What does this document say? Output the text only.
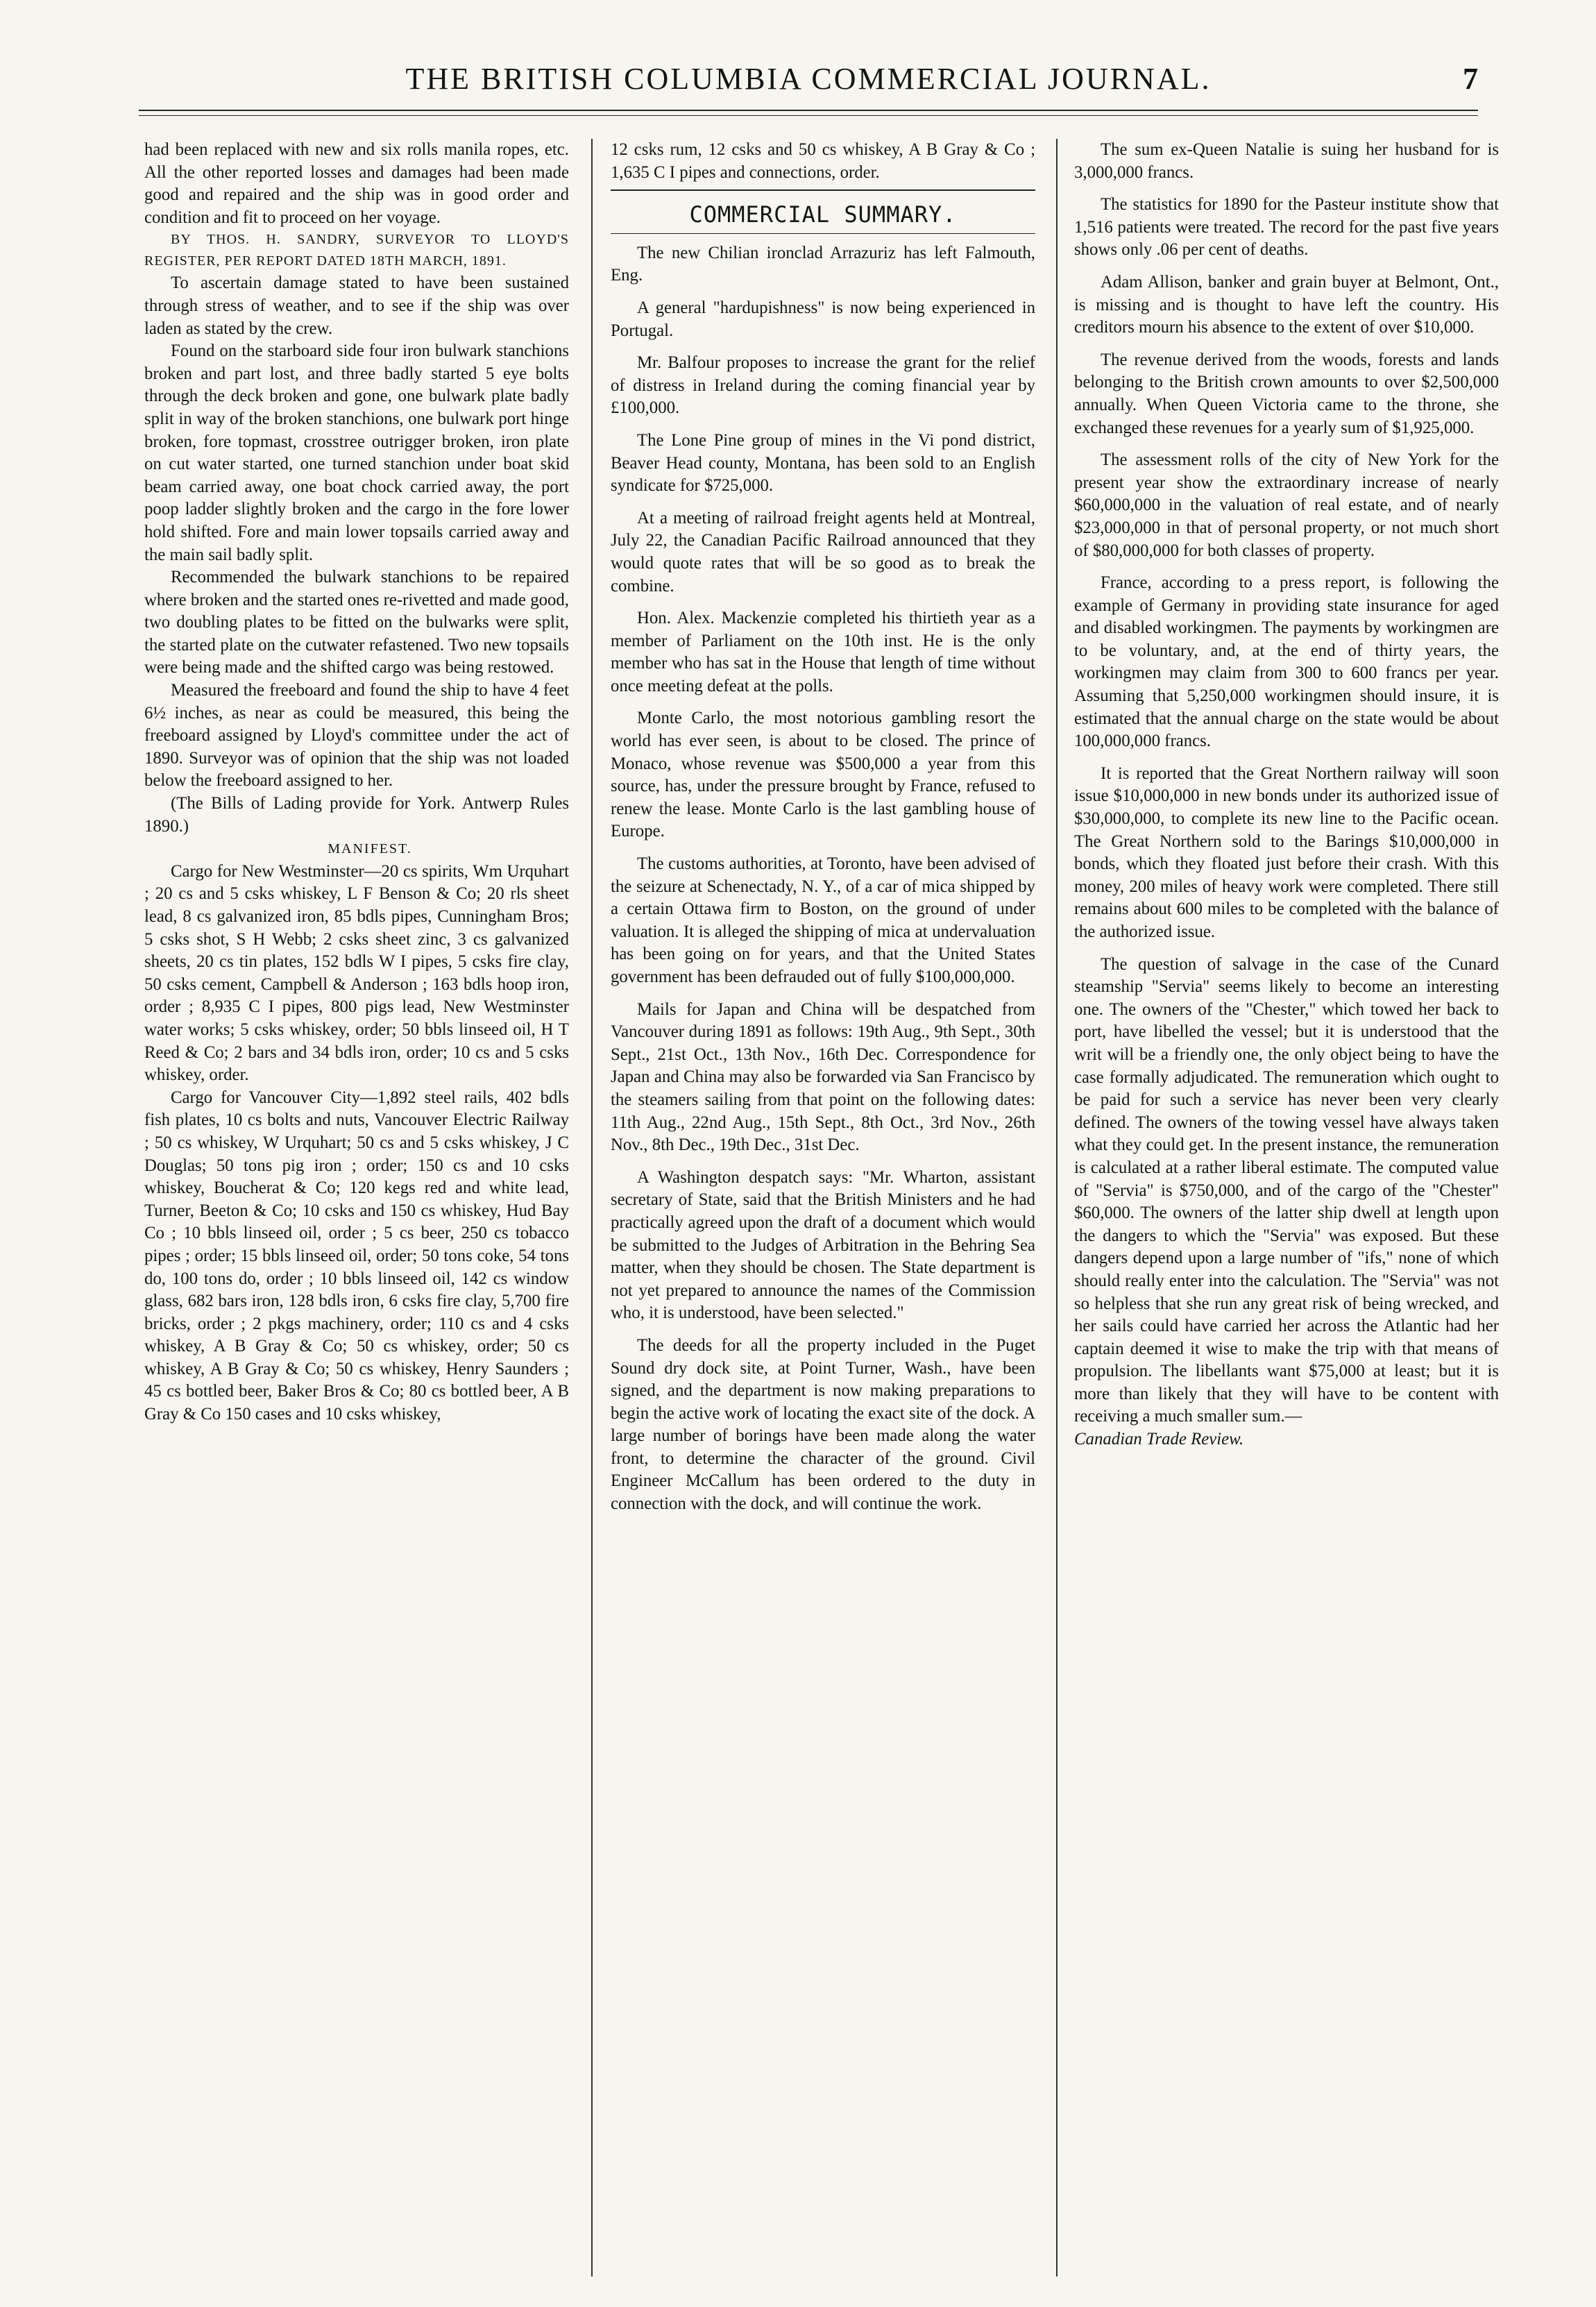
THE BRITISH COLUMBIA COMMERCIAL JOURNAL.	7

had been replaced with new and six rolls manila ropes, etc. All the other reported losses and damages had been made good and repaired and the ship was in good order and condition and fit to proceed on her voyage.

BY THOS. H. SANDRY, SURVEYOR TO LLOYD'S REGISTER, PER REPORT DATED 18TH MARCH, 1891.

To ascertain damage stated to have been sustained through stress of weather, and to see if the ship was over laden as stated by the crew.

Found on the starboard side four iron bulwark stanchions broken and part lost, and three badly started 5 eye bolts through the deck broken and gone, one bulwark plate badly split in way of the broken stanchions, one bulwark port hinge broken, fore topmast, crosstree outrigger broken, iron plate on cut water started, one turned stanchion under boat skid beam carried away, one boat chock carried away, the port poop ladder slightly broken and the cargo in the fore lower hold shifted. Fore and main lower topsails carried away and the main sail badly split.

Recommended the bulwark stanchions to be repaired where broken and the started ones re-rivetted and made good, two doubling plates to be fitted on the bulwarks were split, the started plate on the cutwater refastened. Two new topsails were being made and the shifted cargo was being restowed.

Measured the freeboard and found the ship to have 4 feet 6½ inches, as near as could be measured, this being the freeboard assigned by Lloyd's committee under the act of 1890. Surveyor was of opinion that the ship was not loaded below the freeboard assigned to her.

(The Bills of Lading provide for York. Antwerp Rules 1890.)

MANIFEST.

Cargo for New Westminster—20 cs spirits, Wm Urquhart ; 20 cs and 5 csks whiskey, L F Benson & Co; 20 rls sheet lead, 8 cs galvanized iron, 85 bdls pipes, Cunningham Bros; 5 csks shot, S H Webb; 2 csks sheet zinc, 3 cs galvanized sheets, 20 cs tin plates, 152 bdls W I pipes, 5 csks fire clay, 50 csks cement, Campbell & Anderson ; 163 bdls hoop iron, order ; 8,935 C I pipes, 800 pigs lead, New Westminster water works; 5 csks whiskey, order; 50 bbls linseed oil, H T Reed & Co; 2 bars and 34 bdls iron, order; 10 cs and 5 csks whiskey, order.

Cargo for Vancouver City—1,892 steel rails, 402 bdls fish plates, 10 cs bolts and nuts, Vancouver Electric Railway ; 50 cs whiskey, W Urquhart; 50 cs and 5 csks whiskey, J C Douglas; 50 tons pig iron ; order; 150 cs and 10 csks whiskey, Boucherat & Co; 120 kegs red and white lead, Turner, Beeton & Co; 10 csks and 150 cs whiskey, Hud Bay Co ; 10 bbls linseed oil, order ; 5 cs beer, 250 cs tobacco pipes ; order; 15 bbls linseed oil, order; 50 tons coke, 54 tons do, 100 tons do, order ; 10 bbls linseed oil, 142 cs window glass, 682 bars iron, 128 bdls iron, 6 csks fire clay, 5,700 fire bricks, order ; 2 pkgs machinery, order; 110 cs and 4 csks whiskey, A B Gray & Co; 50 cs whiskey, order; 50 cs whiskey, A B Gray & Co; 50 cs whiskey, Henry Saunders ; 45 cs bottled beer, Baker Bros & Co; 80 cs bottled beer, A B Gray & Co 150 cases and 10 csks whiskey,

12 csks rum, 12 csks and 50 cs whiskey, A B Gray & Co ; 1,635 C I pipes and connections, order.

COMMERCIAL SUMMARY.

The new Chilian ironclad Arrazuriz has left Falmouth, Eng.

A general "hardupishness" is now being experienced in Portugal.

Mr. Balfour proposes to increase the grant for the relief of distress in Ireland during the coming financial year by £100,000.

The Lone Pine group of mines in the Vi pond district, Beaver Head county, Montana, has been sold to an English syndicate for $725,000.

At a meeting of railroad freight agents held at Montreal, July 22, the Canadian Pacific Railroad announced that they would quote rates that will be so good as to break the combine.

Hon. Alex. Mackenzie completed his thirtieth year as a member of Parliament on the 10th inst. He is the only member who has sat in the House that length of time without once meeting defeat at the polls.

Monte Carlo, the most notorious gambling resort the world has ever seen, is about to be closed. The prince of Monaco, whose revenue was $500,000 a year from this source, has, under the pressure brought by France, refused to renew the lease. Monte Carlo is the last gambling house of Europe.

The customs authorities, at Toronto, have been advised of the seizure at Schenectady, N. Y., of a car of mica shipped by a certain Ottawa firm to Boston, on the ground of under valuation. It is alleged the shipping of mica at undervaluation has been going on for years, and that the United States government has been defrauded out of fully $100,000,000.

Mails for Japan and China will be despatched from Vancouver during 1891 as follows: 19th Aug., 9th Sept., 30th Sept., 21st Oct., 13th Nov., 16th Dec. Correspondence for Japan and China may also be forwarded via San Francisco by the steamers sailing from that point on the following dates: 11th Aug., 22nd Aug., 15th Sept., 8th Oct., 3rd Nov., 26th Nov., 8th Dec., 19th Dec., 31st Dec.

A Washington despatch says: "Mr. Wharton, assistant secretary of State, said that the British Ministers and he had practically agreed upon the draft of a document which would be submitted to the Judges of Arbitration in the Behring Sea matter, when they should be chosen. The State department is not yet prepared to announce the names of the Commission who, it is understood, have been selected."

The deeds for all the property included in the Puget Sound dry dock site, at Point Turner, Wash., have been signed, and the department is now making preparations to begin the active work of locating the exact site of the dock. A large number of borings have been made along the water front, to determine the character of the ground. Civil Engineer McCallum has been ordered to the duty in connection with the dock, and will continue the work.

The sum ex-Queen Natalie is suing her husband for is 3,000,000 francs.

The statistics for 1890 for the Pasteur institute show that 1,516 patients were treated. The record for the past five years shows only .06 per cent of deaths.

Adam Allison, banker and grain buyer at Belmont, Ont., is missing and is thought to have left the country. His creditors mourn his absence to the extent of over $10,000.

The revenue derived from the woods, forests and lands belonging to the British crown amounts to over $2,500,000 annually. When Queen Victoria came to the throne, she exchanged these revenues for a yearly sum of $1,925,000.

The assessment rolls of the city of New York for the present year show the extraordinary increase of nearly $60,000,000 in the valuation of real estate, and of nearly $23,000,000 in that of personal property, or not much short of $80,000,000 for both classes of property.

France, according to a press report, is following the example of Germany in providing state insurance for aged and disabled workingmen. The payments by workingmen are to be voluntary, and, at the end of thirty years, the workingmen may claim from 300 to 600 francs per year. Assuming that 5,250,000 workingmen should insure, it is estimated that the annual charge on the state would be about 100,000,000 francs.

It is reported that the Great Northern railway will soon issue $10,000,000 in new bonds under its authorized issue of $30,000,000, to complete its new line to the Pacific ocean. The Great Northern sold to the Barings $10,000,000 in bonds, which they floated just before their crash. With this money, 200 miles of heavy work were completed. There still remains about 600 miles to be completed with the balance of the authorized issue.

The question of salvage in the case of the Cunard steamship "Servia" seems likely to become an interesting one. The owners of the "Chester," which towed her back to port, have libelled the vessel; but it is understood that the writ will be a friendly one, the only object being to have the case formally adjudicated. The remuneration which ought to be paid for such a service has never been very clearly defined. The owners of the towing vessel have always taken what they could get. In the present instance, the remuneration is calculated at a rather liberal estimate. The computed value of "Servia" is $750,000, and of the cargo of the "Chester" $60,000. The owners of the latter ship dwell at length upon the dangers to which the "Servia" was exposed. But these dangers depend upon a large number of "ifs," none of which should really enter into the calculation. The "Servia" was not so helpless that she run any great risk of being wrecked, and her sails could have carried her across the Atlantic had her captain deemed it wise to make the trip with that means of propulsion. The libellants want $75,000 at least; but it is more than likely that they will have to be content with receiving a much smaller sum.—

Canadian Trade Review.
